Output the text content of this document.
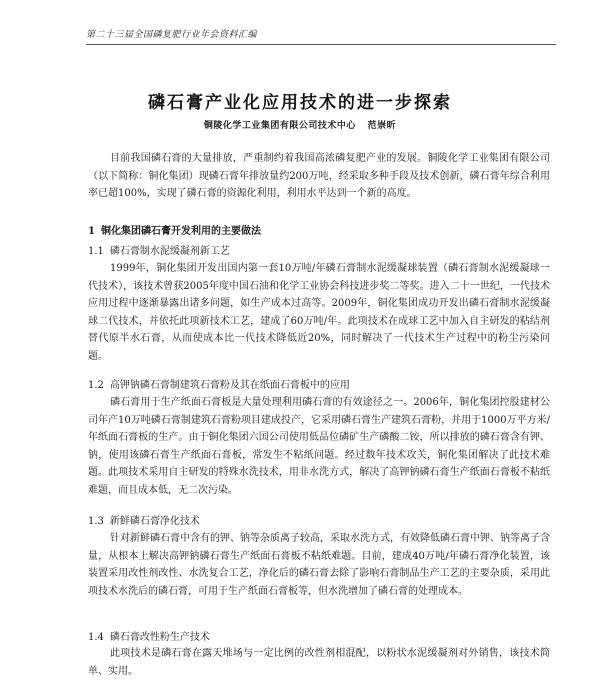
第二十三届全国磷复肥行业年会资料汇编
磷石膏产业化应用技术的进一步探索
铜陵化学工业集团有限公司技术中心 范崇昕

目前我国磷石膏的大量排放，严重制约着我国高浓磷复肥产业的发展。铜陵化学工业集团有限公司（以下简称：铜化集团）现磷石膏年排放量约200万吨，经采取多种手段及技术创新，磷石膏年综合利用率已超100%，实现了磷石膏的资源化利用，利用水平达到一个新的高度。

1 铜化集团磷石膏开发利用的主要做法
1.1 磷石膏制水泥缓凝剂新工艺

1999年，铜化集团开发出国内第一套10万吨/年磷石膏制水泥缓凝球装置（磷石膏制水泥缓凝球一代技术），该技术曾获2005年度中国石油和化学工业协会科技进步奖二等奖。进入二十一世纪，一代技术应用过程中逐渐暴露出诸多问题，如生产成本过高等。2009年，铜化集团成功开发出磷石膏制水泥缓凝球二代技术，并依托此项新技术工艺，建成了60万吨/年。此项技术在成球工艺中加入自主研发的粘结剂替代原半水石膏，从而使成本比一代技术降低近20%，同时解决了一代技术生产过程中的粉尘污染问题。

1.2 高钾钠磷石膏制建筑石膏粉及其在纸面石膏板中的应用

磷石膏用于生产纸面石膏板是大量处理利用磷石膏的有效途径之一。2006年，铜化集团控股建材公司年产10万吨磷石膏制建筑石膏粉项目建成投产，它采用磷石膏生产建筑石膏粉，并用于1000万平方米/年纸面石膏板的生产。由于铜化集团六国公司使用低品位磷矿生产磷酸二铵，所以排放的磷石膏含有钾、钠，使用该磷石膏生产纸面石膏板，常发生不粘纸问题。经过数年技术攻关，铜化集团解决了此技术难题。此项技术采用自主研发的特殊水洗技术，用非水洗方式，解决了高钾钠磷石膏生产纸面石膏板不粘纸难题，而且成本低，无二次污染。

1.3 新鲜磷石膏净化技术

针对新鲜磷石膏中含有的钾、钠等杂质离子较高，采取水洗方式，有效降低磷石膏中钾、钠等离子含量，从根本上解决高钾钠磷石膏生产纸面石膏板不粘纸难题。目前，建成40万吨/年磷石膏净化装置，该装置采用改性剂改性、水洗复合工艺，净化后的磷石膏去除了影响石膏制品生产工艺的主要杂质，采用此项技术水洗后的磷石膏，可用于生产纸面石膏板等，但水洗增加了磷石膏的处理成本。

1.4 磷石膏改性粉生产技术

此项技术是磷石膏在露天堆场与一定比例的改性剂相混配，以粉状水泥缓凝剂对外销售，该技术简单、实用。
